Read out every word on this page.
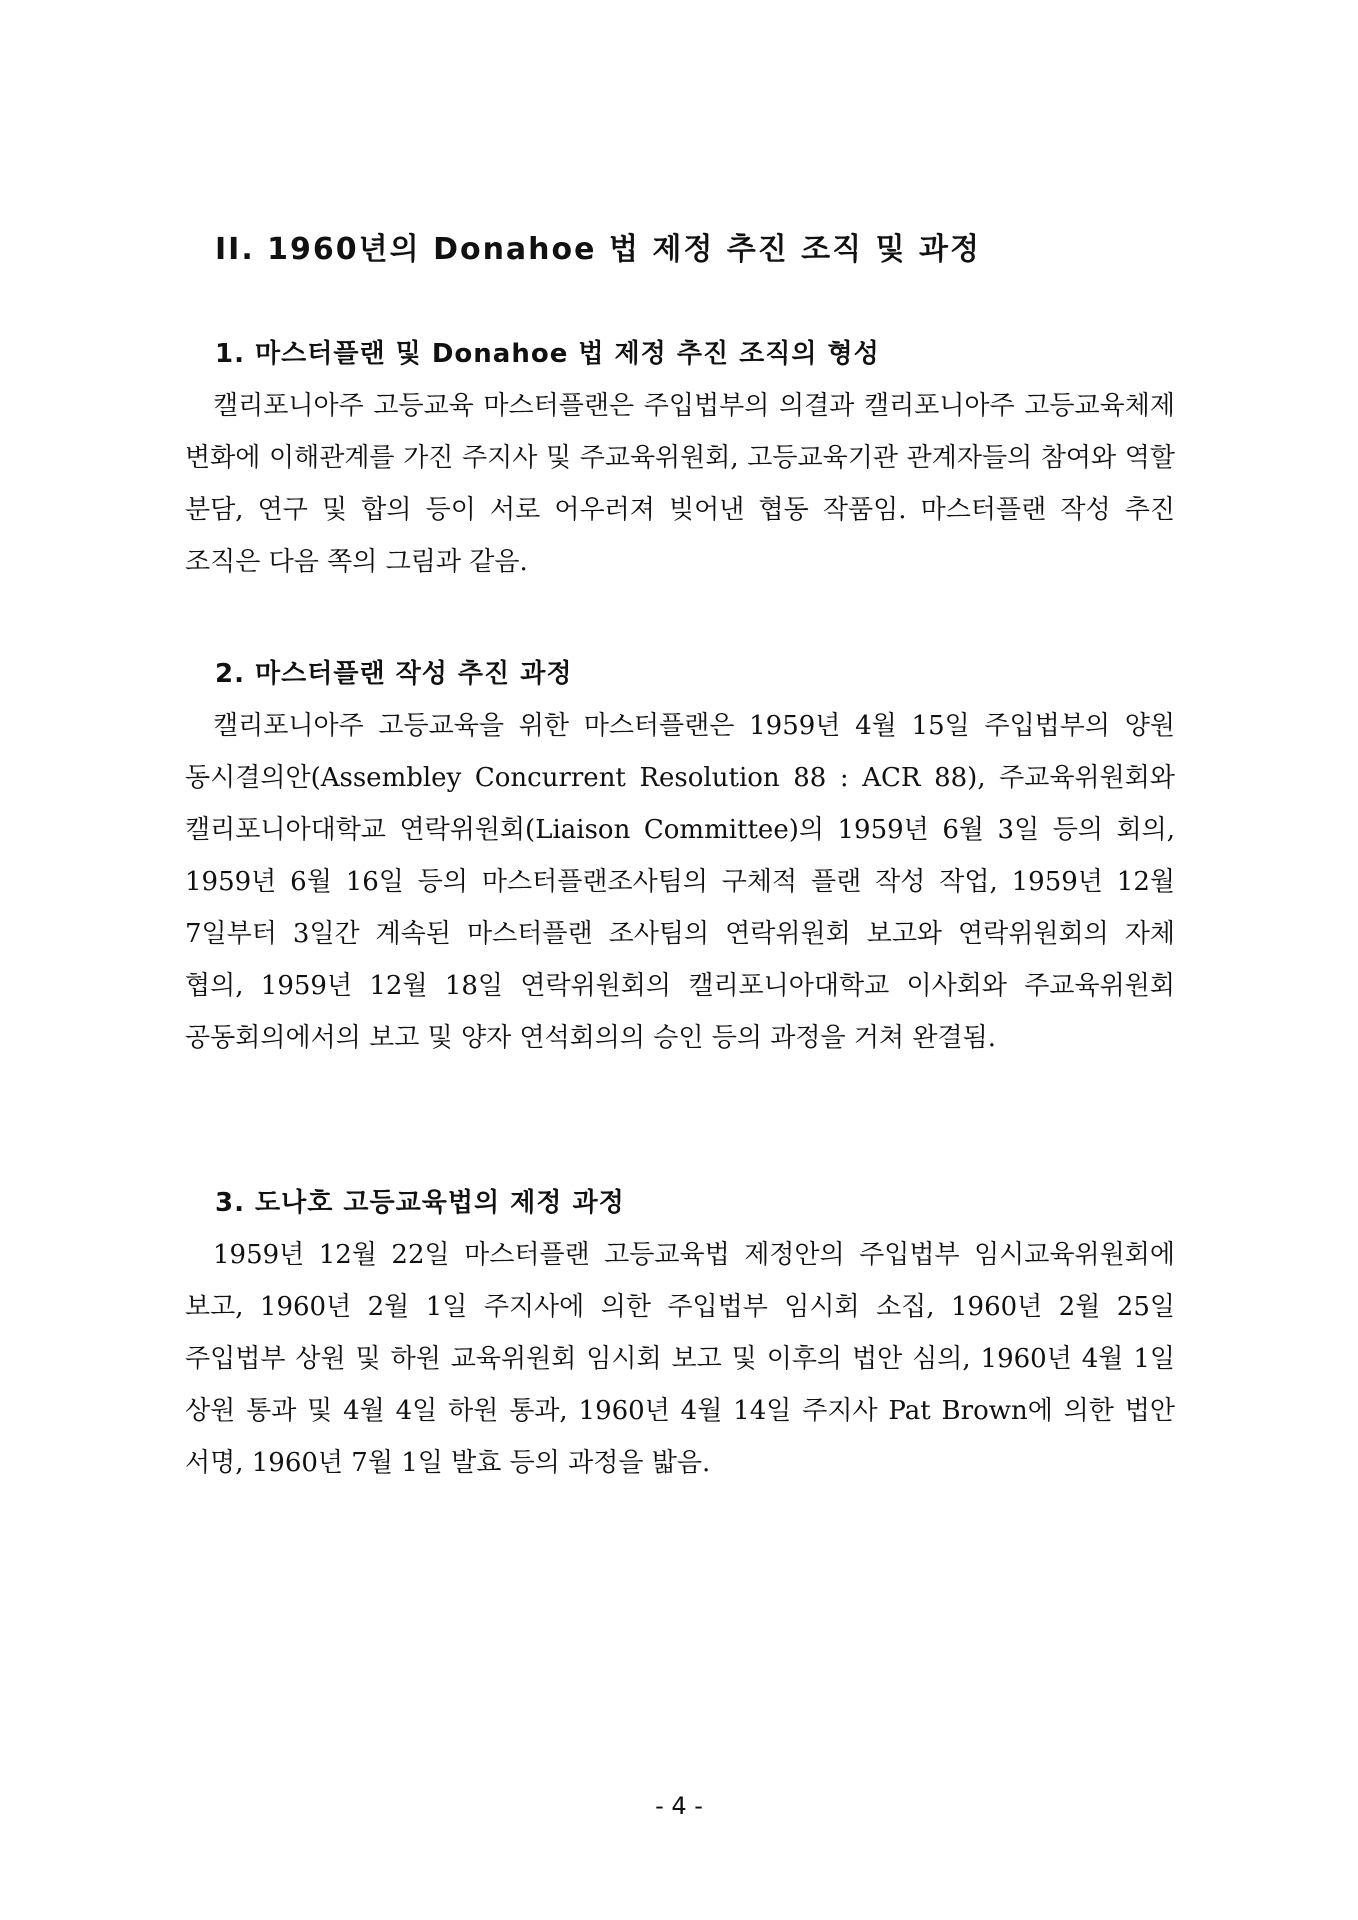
II. 1960년의 Donahoe 법 제정 추진 조직 및 과정
1. 마스터플랜 및 Donahoe 법 제정 추진 조직의 형성

캘리포니아주 고등교육 마스터플랜은 주입법부의 의결과 캘리포니아주 고등교육체제 변화에 이해관계를 가진 주지사 및 주교육위원회, 고등교육기관 관계자들의 참여와 역할 분담, 연구 및 합의 등이 서로 어우러져 빚어낸 협동 작품임. 마스터플랜 작성 추진 조직은 다음 쪽의 그림과 같음.

2. 마스터플랜 작성 추진 과정

캘리포니아주 고등교육을 위한 마스터플랜은 1959년 4월 15일 주입법부의 양원 동시결의안(Assembley Concurrent Resolution 88 : ACR 88), 주교육위원회와 캘리포니아대학교 연락위원회(Liaison Committee)의 1959년 6월 3일 등의 회의, 1959년 6월 16일 등의 마스터플랜조사팀의 구체적 플랜 작성 작업, 1959년 12월 7일부터 3일간 계속된 마스터플랜 조사팀의 연락위원회 보고와 연락위원회의 자체 협의, 1959년 12월 18일 연락위원회의 캘리포니아대학교 이사회와 주교육위원회 공동회의에서의 보고 및 양자 연석회의의 승인 등의 과정을 거쳐 완결됨.

3. 도나호 고등교육법의 제정 과정

1959년 12월 22일 마스터플랜 고등교육법 제정안의 주입법부 임시교육위원회에 보고, 1960년 2월 1일 주지사에 의한 주입법부 임시회 소집, 1960년 2월 25일 주입법부 상원 및 하원 교육위원회 임시회 보고 및 이후의 법안 심의, 1960년 4월 1일 상원 통과 및 4월 4일 하원 통과, 1960년 4월 14일 주지사 Pat Brown에 의한 법안 서명, 1960년 7월 1일 발효 등의 과정을 밟음.

- 4 -
